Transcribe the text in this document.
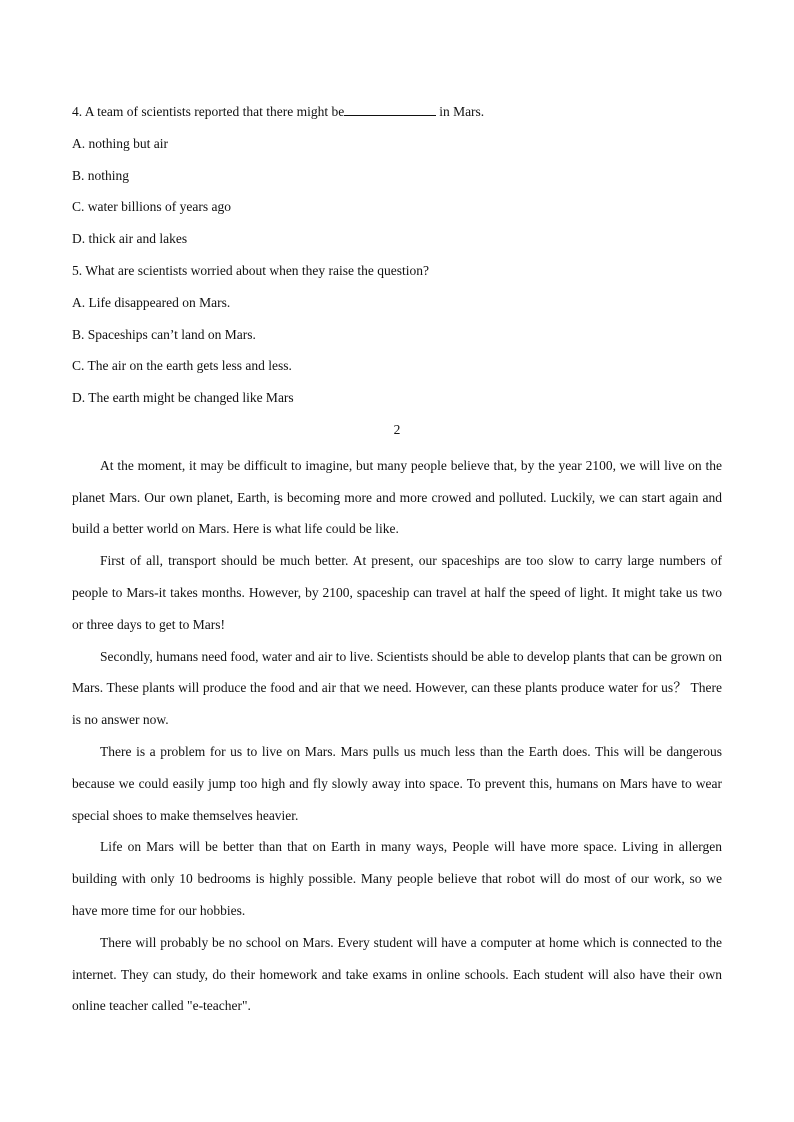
4. A team of scientists reported that there might be	in Mars.
A. nothing but air
B. nothing
C. water billions of years ago
D. thick air and lakes
5. What are scientists worried about when they raise the question?
A. Life disappeared on Mars.
B. Spaceships can’t land on Mars.
C. The air on the earth gets less and less.
D. The earth might be changed like Mars
2

At the moment, it may be difficult to imagine, but many people believe that, by the year 2100, we will live on the planet Mars. Our own planet, Earth, is becoming more and more crowed and polluted. Luckily, we can start again and build a better world on Mars. Here is what life could be like.

First of all, transport should be much better. At present, our spaceships are too slow to carry large numbers of people to Mars-it takes months. However, by 2100, spaceship can travel at half the speed of light. It might take us two or three days to get to Mars!

Secondly, humans need food, water and air to live. Scientists should be able to develop plants that can be grown on Mars. These plants will produce the food and air that we need. However, can these plants produce water for us？ There is no answer now.

There is a problem for us to live on Mars. Mars pulls us much less than the Earth does. This will be dangerous because we could easily jump too high and fly slowly away into space. To prevent this, humans on Mars have to wear special shoes to make themselves heavier.

Life on Mars will be better than that on Earth in many ways, People will have more space. Living in allergen building with only 10 bedrooms is highly possible. Many people believe that robot will do most of our work, so we have more time for our hobbies.

There will probably be no school on Mars. Every student will have a computer at home which is connected to the internet. They can study, do their homework and take exams in online schools. Each student will also have their own online teacher called "e-teacher".
